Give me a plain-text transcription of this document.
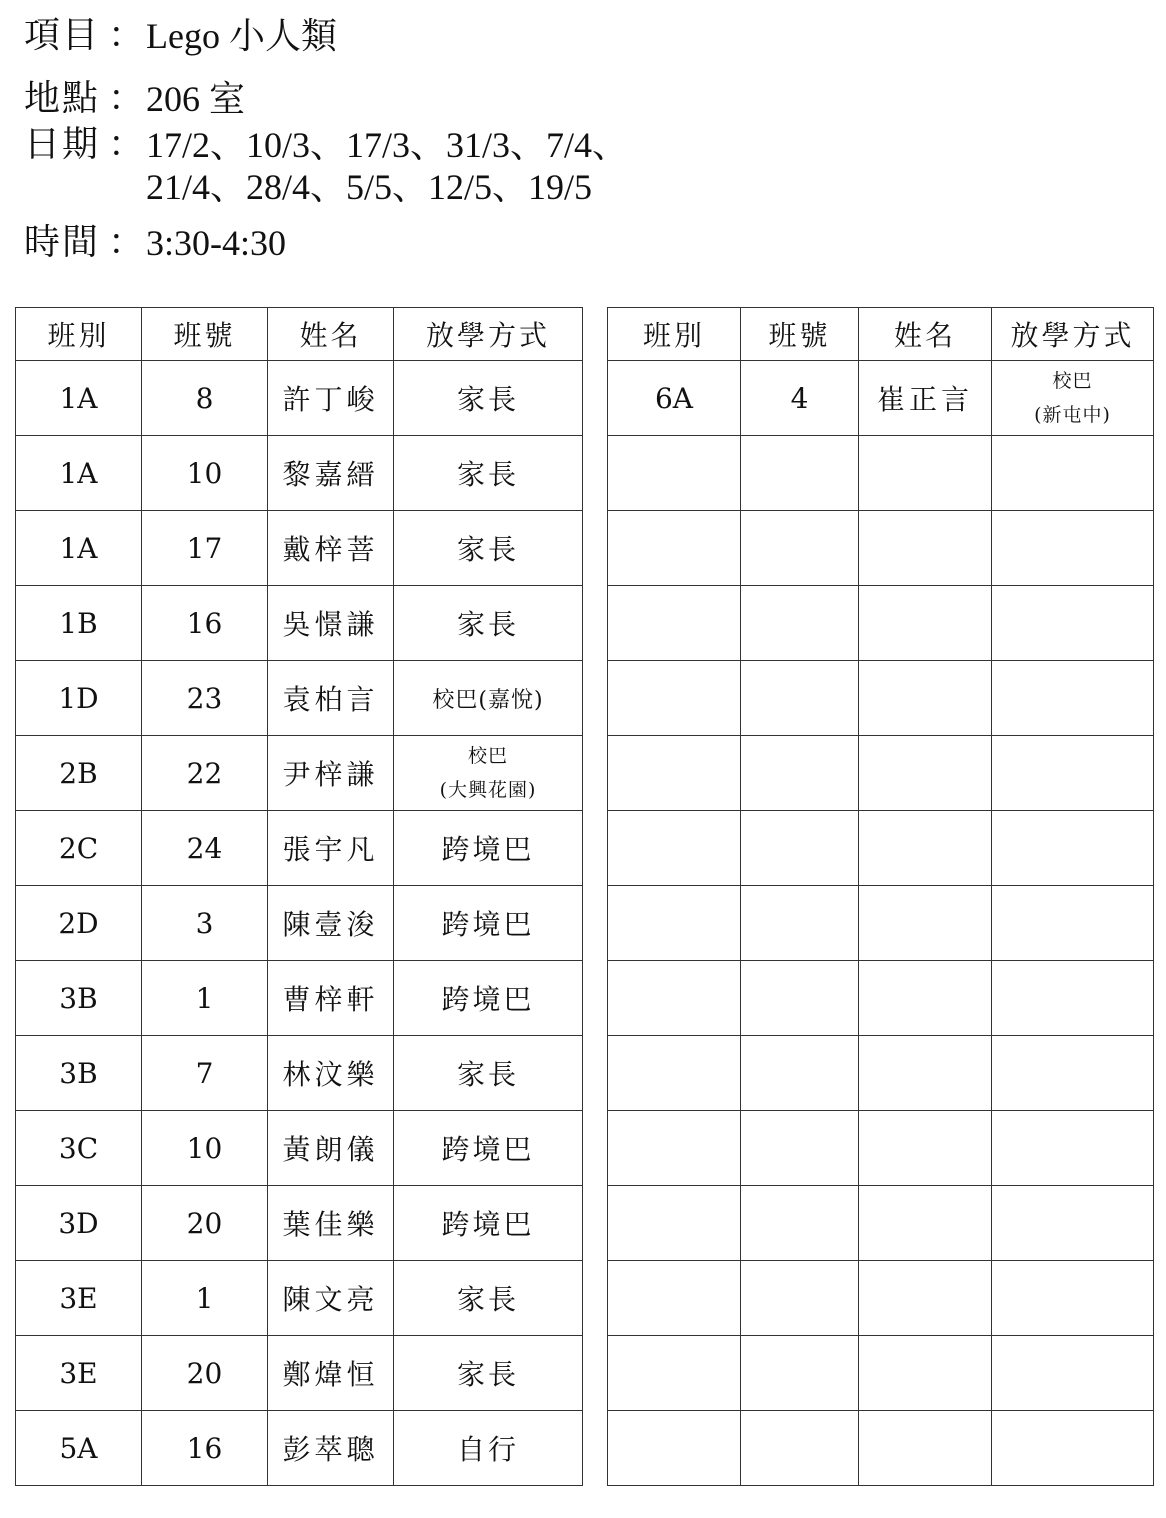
項目 ： Lego 小人類
地點 ： 206 室
日期 ： 17/2、10/3、17/3、31/3、7/4、
21/4、28/4、5/5、12/5、19/5
時間 ： 3:30-4:30
班別	班號	姓名	放學方式
1A	8	許丁峻	家長
1A	10	黎嘉縉	家長
1A	17	戴梓菩	家長
1B	16	吳憬謙	家長
1D	23	袁柏言	校巴(嘉悅)
2B	22	尹梓謙	校巴
(大興花園)

2C	24	張宇凡	跨境巴
2D	3	陳壹浚	跨境巴
3B	1	曹梓軒	跨境巴
3B	7	林汶樂	家長
3C	10	黃朗儀	跨境巴
3D	20	葉佳樂	跨境巴
3E	1	陳文亮	家長
3E	20	鄭煒恒	家長
5A	16	彭萃聰	自行
班別	班號	姓名	放學方式
6A	4	崔正言	校巴
(新屯中)
